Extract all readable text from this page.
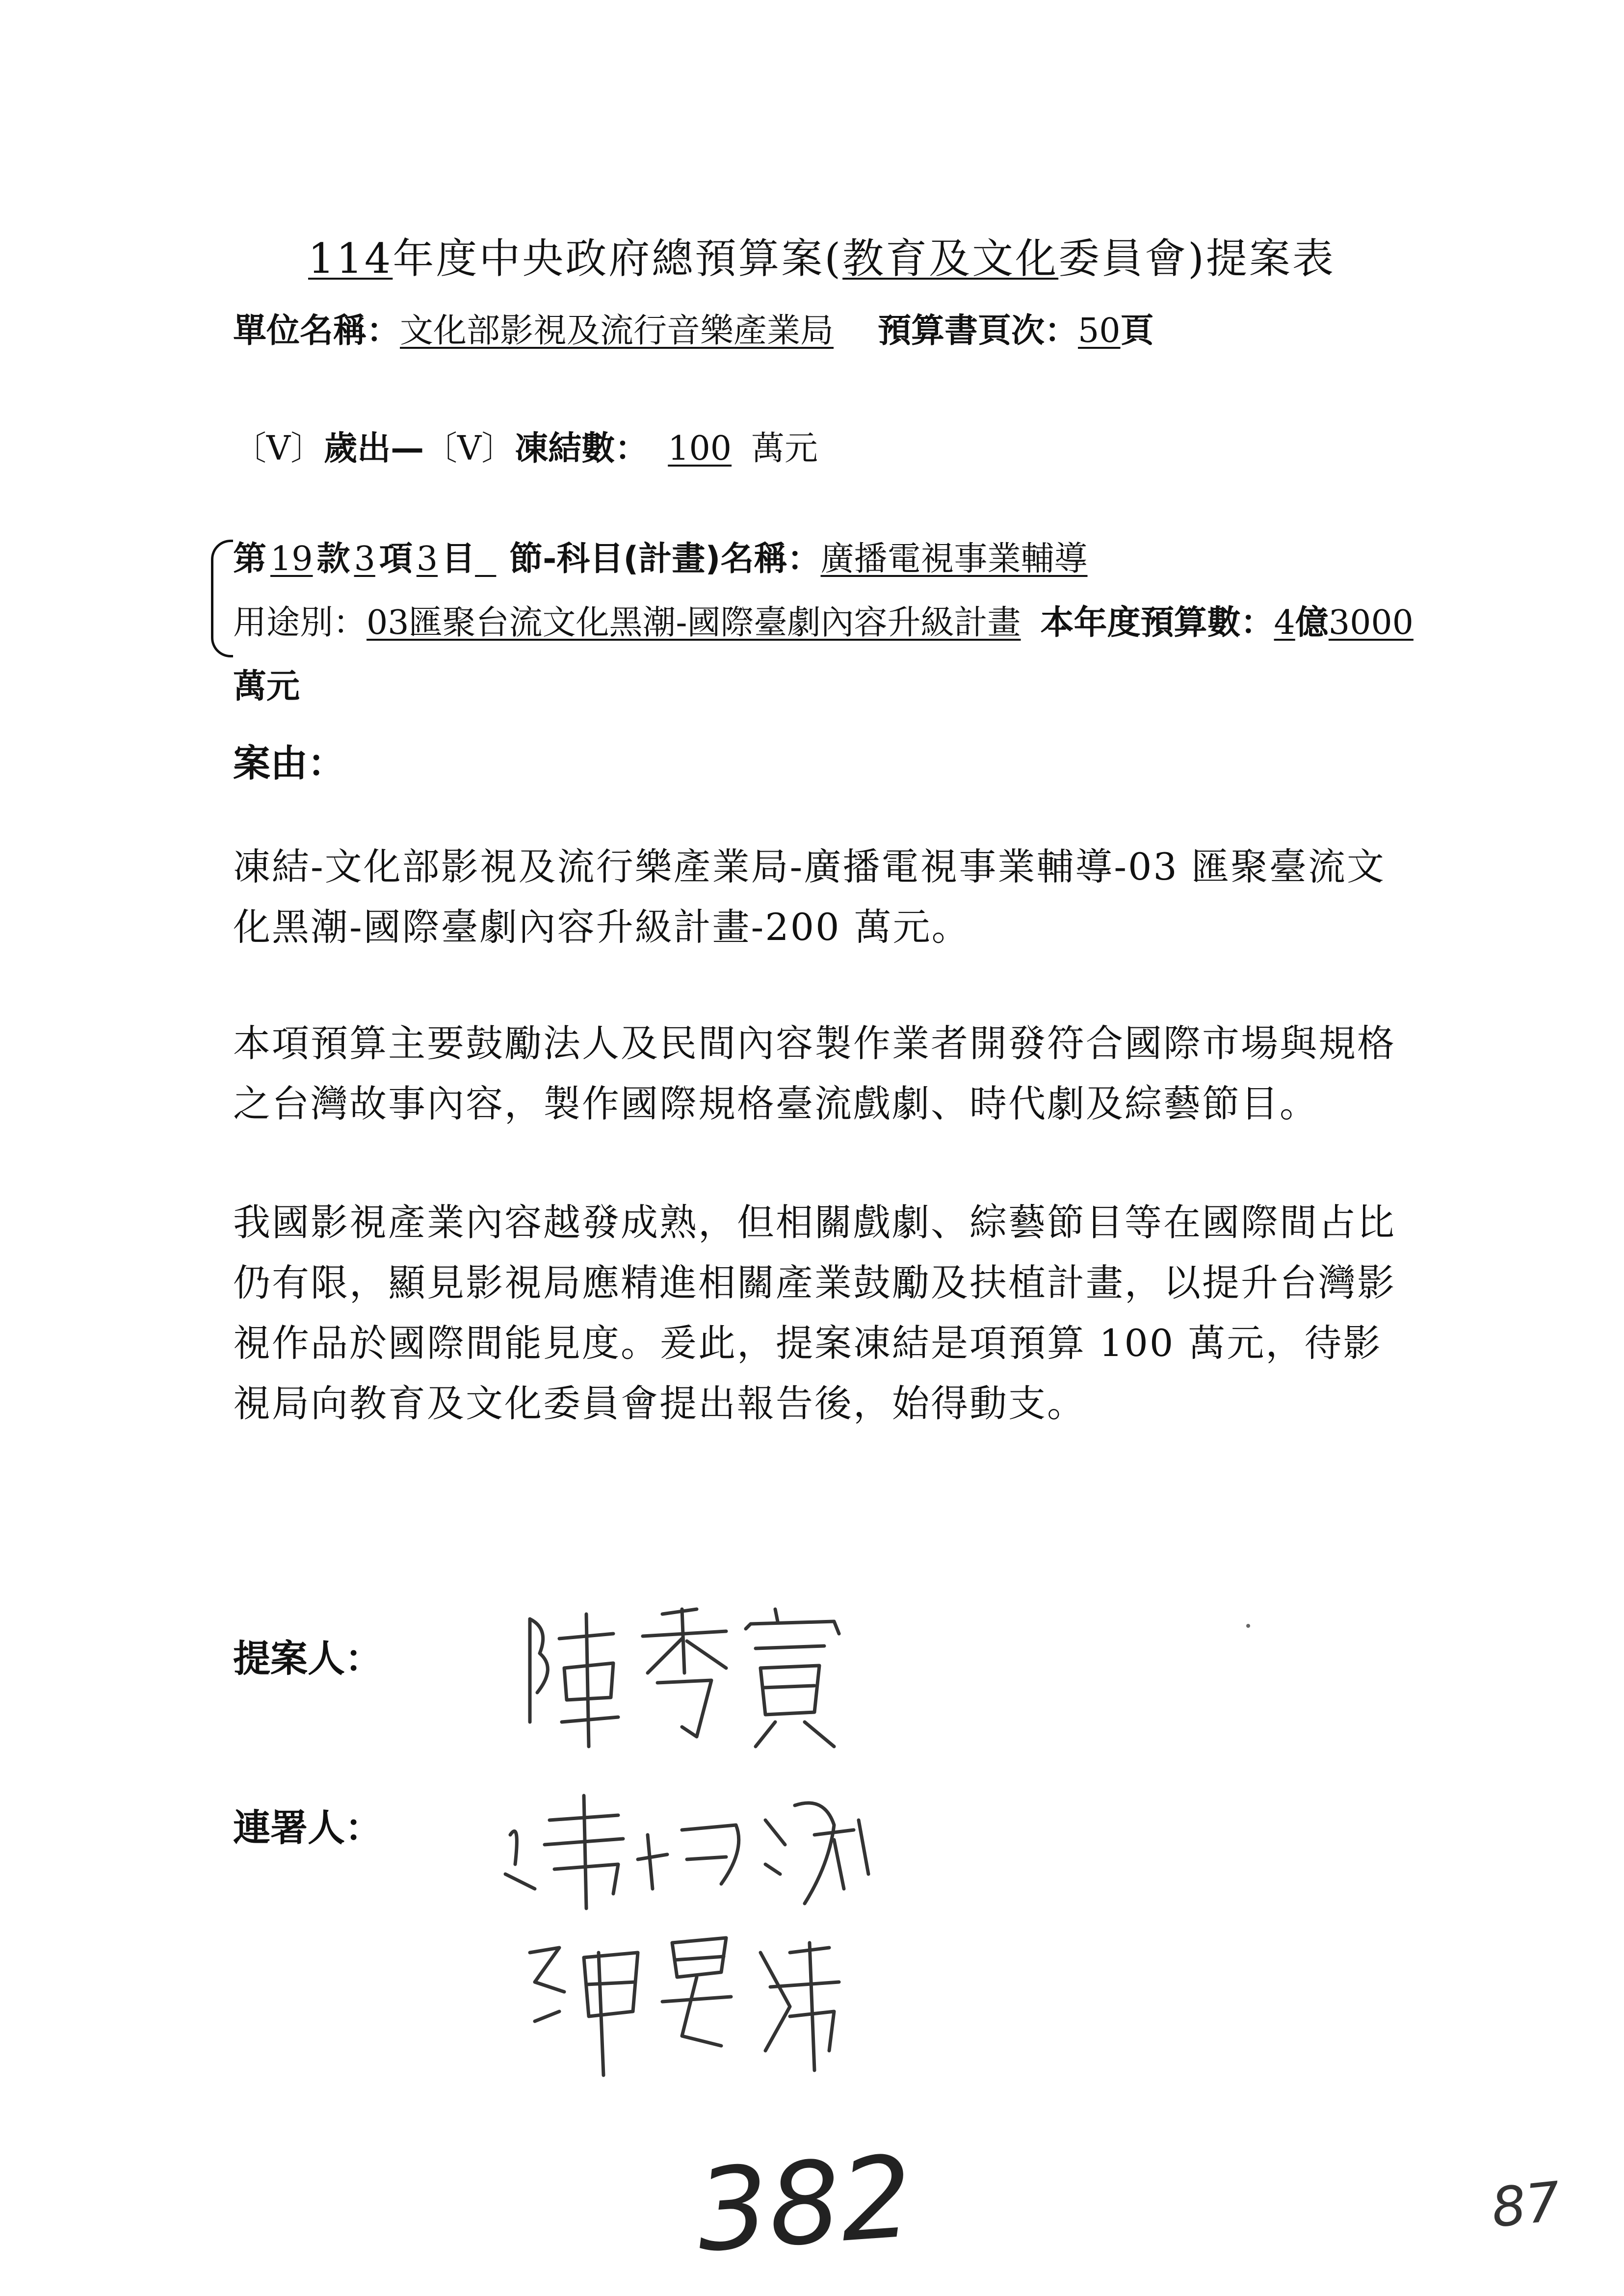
114年度中央政府總預算案(教育及文化委員會)提案表
單位名稱：文化部影視及流行音樂產業局 預算書頁次：50頁
〔V〕歲出—〔V〕凍結數： 100 萬元
第 19 款 3 項 3 目 節-科目(計畫)名稱：廣播電視事業輔導
用途別：03匯聚台流文化黑潮-國際臺劇內容升級計畫 本年度預算數：4億3000
萬元
案由：
凍結-文化部影視及流行樂產業局-廣播電視事業輔導-03 匯聚臺流文化黑潮-國際臺劇內容升級計畫-200 萬元。
本項預算主要鼓勵法人及民間內容製作業者開發符合國際市場與規格之台灣故事內容，製作國際規格臺流戲劇、時代劇及綜藝節目。
我國影視產業內容越發成熟，但相關戲劇、綜藝節目等在國際間占比仍有限，顯見影視局應精進相關產業鼓勵及扶植計畫，以提升台灣影視作品於國際間能見度。爰此，提案凍結是項預算 100 萬元，待影視局向教育及文化委員會提出報告後，始得動支。
提案人：
連署人：
382	87
